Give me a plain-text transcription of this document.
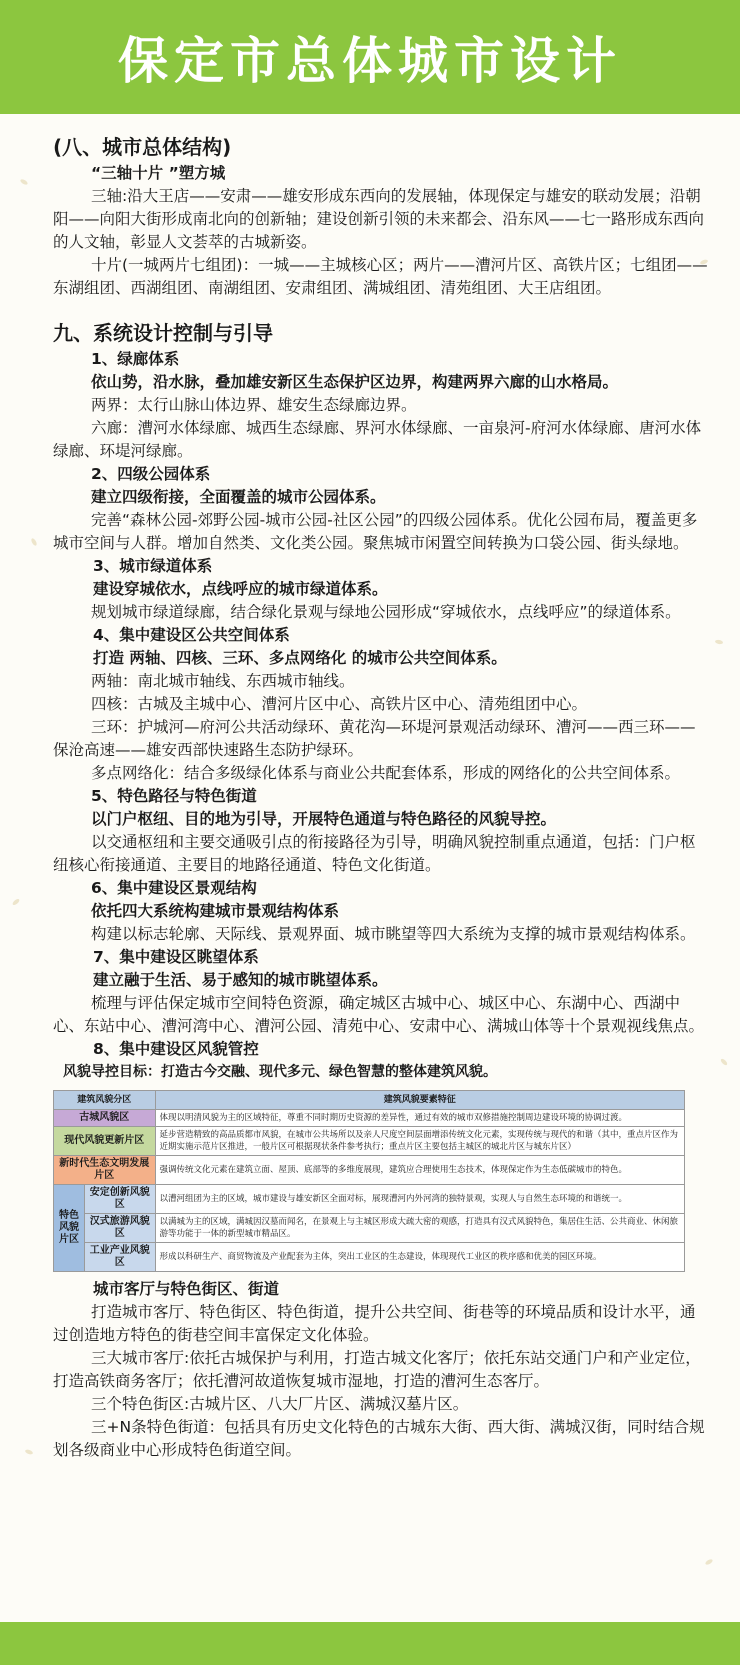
保定市总体城市设计

(八、城市总体结构)

“三轴十片 ”塑方城

三轴:沿大王店——安肃——雄安形成东西向的发展轴，体现保定与雄安的联动发展；沿朝阳——向阳大街形成南北向的创新轴；建设创新引领的未来都会、沿东风——七一路形成东西向的人文轴，彰显人文荟萃的古城新姿。

十片(一城两片七组团)：一城——主城核心区；两片——漕河片区、高铁片区；七组团——东湖组团、西湖组团、南湖组团、安肃组团、满城组团、清苑组团、大王店组团。

九、系统设计控制与引导

1、绿廊体系

依山势，沿水脉，叠加雄安新区生态保护区边界，构建两界六廊的山水格局。

两界：太行山脉山体边界、雄安生态绿廊边界。

六廊：漕河水体绿廊、城西生态绿廊、界河水体绿廊、一亩泉河-府河水体绿廊、唐河水体绿廊、环堤河绿廊。

2、四级公园体系

建立四级衔接，全面覆盖的城市公园体系。

完善“森林公园-郊野公园-城市公园-社区公园”的四级公园体系。优化公园布局，覆盖更多城市空间与人群。增加自然类、文化类公园。聚焦城市闲置空间转换为口袋公园、街头绿地。

3、城市绿道体系

建设穿城依水，点线呼应的城市绿道体系。

规划城市绿道绿廊，结合绿化景观与绿地公园形成“穿城依水，点线呼应”的绿道体系。

4、集中建设区公共空间体系

打造 两轴、四核、三环、多点网络化 的城市公共空间体系。

两轴：南北城市轴线、东西城市轴线。

四核：古城及主城中心、漕河片区中心、高铁片区中心、清苑组团中心。

三环：护城河—府河公共活动绿环、黄花沟—环堤河景观活动绿环、漕河——西三环——保沧高速——雄安西部快速路生态防护绿环。

多点网络化：结合多级绿化体系与商业公共配套体系，形成的网络化的公共空间体系。

5、特色路径与特色街道

以门户枢纽、目的地为引导，开展特色通道与特色路径的风貌导控。

以交通枢纽和主要交通吸引点的衔接路径为引导，明确风貌控制重点通道，包括：门户枢纽核心衔接通道、主要目的地路径通道、特色文化街道。

6、集中建设区景观结构

依托四大系统构建城市景观结构体系

构建以标志轮廓、天际线、景观界面、城市眺望等四大系统为支撑的城市景观结构体系。

7、集中建设区眺望体系

建立融于生活、易于感知的城市眺望体系。

梳理与评估保定城市空间特色资源，确定城区古城中心、城区中心、东湖中心、西湖中心、东站中心、漕河湾中心、漕河公园、清苑中心、安肃中心、满城山体等十个景观视线焦点。

8、集中建设区风貌管控

风貌导控目标：打造古今交融、现代多元、绿色智慧的整体建筑风貌。

建筑风貌分区		建筑风貌要素特征
古城风貌区		体现以明清风貌为主的区域特征，尊重不同时期历史资源的差异性，通过有效的城市双修措施控制周边建设环境的协调过渡。
现代风貌更新片区		延步营造精致的高品质都市风貌，在城市公共场所以及亲人尺度空间层面增添传统文化元素，实现传统与现代的和谐（其中，重点片区作为近期实施示范片区推进，一般片区可根据现状条件参考执行；重点片区主要包括主城区的城北片区与城东片区）
新时代生态文明发展片区		强调传统文化元素在建筑立面、屋顶、底部等的多维度展现，建筑应合理使用生态技术，体现保定作为生态低碳城市的特色。
特色风貌片区	安定创新风貌区	以漕河组团为主的区域，城市建设与雄安新区全面对标，展现漕河内外河湾的独特景观，实现人与自然生态环境的和谐统一。
	汉式旅游风貌区	以满城为主的区域，满城因汉墓而闻名，在景观上与主城区形成大疏大密的观感，打造具有汉式风貌特色，集居住生活、公共商业、休闲旅游等功能于一体的新型城市精品区。
	工业产业风貌区	形成以科研生产、商贸物流及产业配套为主体，突出工业区的生态建设，体现现代工业区的秩序感和优美的园区环境。

城市客厅与特色街区、街道

打造城市客厅、特色街区、特色街道，提升公共空间、街巷等的环境品质和设计水平，通过创造地方特色的街巷空间丰富保定文化体验。

三大城市客厅:依托古城保护与利用，打造古城文化客厅；依托东站交通门户和产业定位，打造高铁商务客厅；依托漕河故道恢复城市湿地，打造的漕河生态客厅。

三个特色街区:古城片区、八大厂片区、满城汉墓片区。

三+N条特色街道：包括具有历史文化特色的古城东大街、西大街、满城汉街，同时结合规划各级商业中心形成特色街道空间。
